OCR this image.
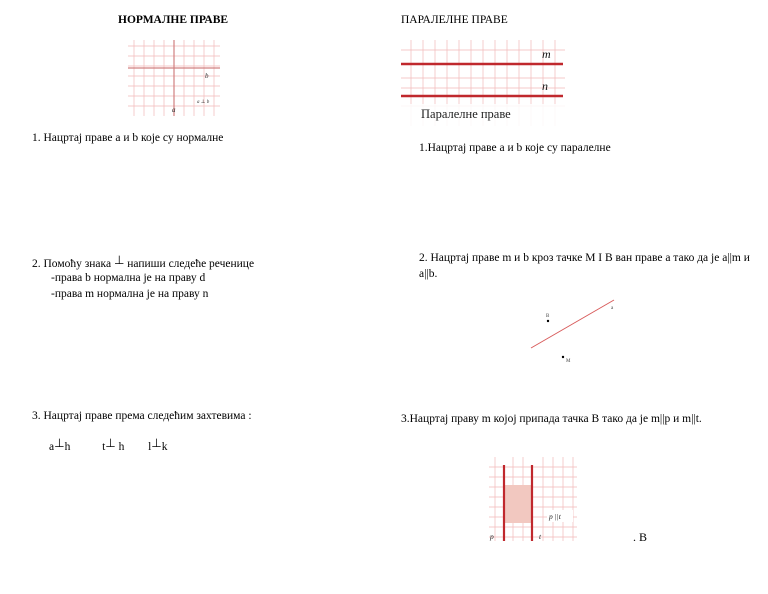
НОРМАЛНЕ ПРАВЕ
b
a
a ⊥ b
1. Нацртај праве а и b које су нормалне
2. Помоћу знака ⊥ напиши следеће реченице
-права b нормална је на праву d
-права m нормална је на праву n
3. Нацртај праве према следећим захтевима :
a⊥h	t⊥ h l⊥k
ПАРАЛЕЛНЕ ПРАВЕ
m
n
Паралелне праве
1.Нацртај праве а и b које су паралелне
2. Нацртај праве m и b кроз тачке M I B ван праве а тако да је а||m и а||b.
B
M
a
3.Нацртај праву m којој припада тачка B тако да је m||p и m||t.
p ||t
p	t	. B
